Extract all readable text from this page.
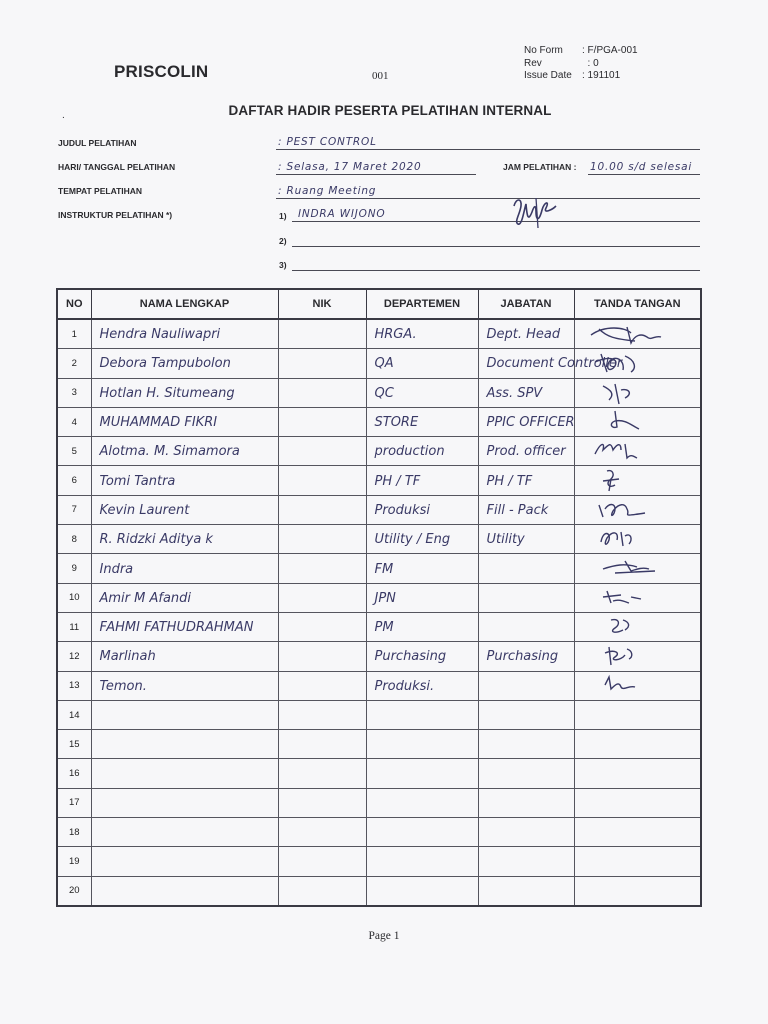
PRISCOLIN	001
No Form	: F/PGA-001
Rev	: 0
Issue Date	: 191101
.	DAFTAR HADIR PESERTA PELATIHAN INTERNAL
JUDUL PELATIHAN	: PEST CONTROL
HARI/ TANGGAL PELATIHAN	: Selasa, 17 Maret 2020	JAM PELATIHAN : 10.00 s/d selesai
TEMPAT PELATIHAN	: Ruang Meeting
INSTRUKTUR PELATIHAN *)	1) INDRA WIJONO
2)
3)
NO	NAMA LENGKAP	NIK	DEPARTEMEN	JABATAN	TANDA TANGAN
1	Hendra Nauliwapri		HRGA.	Dept. Head	

2	Debora Tampubolon		QA	Document Controller	

3	Hotlan H. Situmeang		QC	Ass. SPV	

4	MUHAMMAD FIKRI		STORE	PPIC OFFICER	

5	Alotma. M. Simamora		production	Prod. officer	

6	Tomi Tantra		PH / TF	PH / TF	

7	Kevin Laurent		Produksi	Fill - Pack	

8	R. Ridzki Aditya k		Utility / Eng	Utility	

9	Indra		FM		

10	Amir M Afandi		JPN		

11	FAHMI FATHUDRAHMAN		PM		

12	Marlinah		Purchasing	Purchasing	

13	Temon.		Produksi.		

14					
15					
16					
17					
18					
19					
20					
Page 1
